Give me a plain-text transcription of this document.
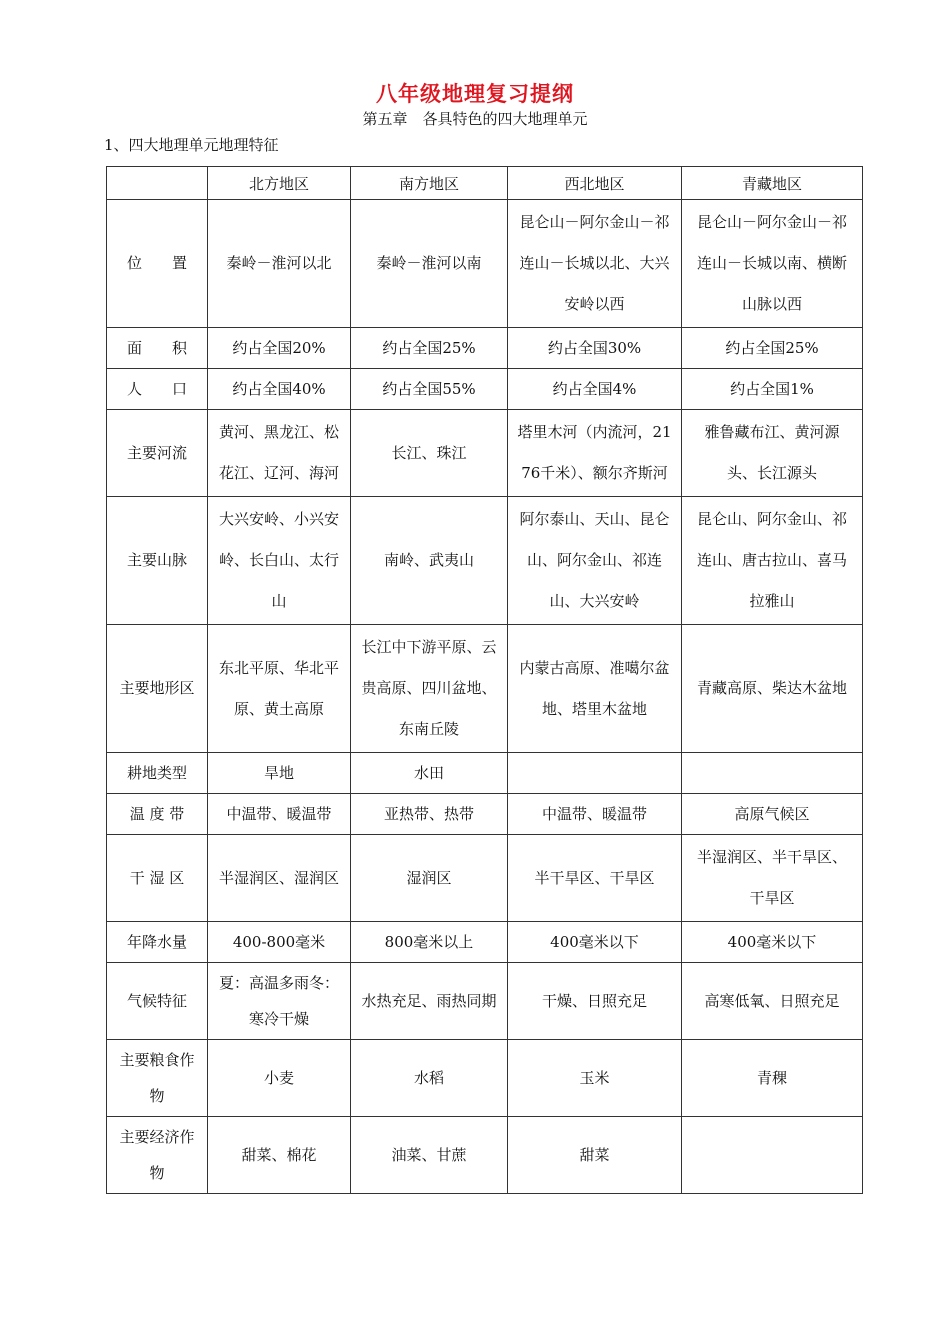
八年级地理复习提纲
第五章　各具特色的四大地理单元
1、四大地理单元地理特征
	北方地区	南方地区	西北地区	青藏地区
位　　置	秦岭－淮河以北	秦岭－淮河以南	昆仑山－阿尔金山－祁连山－长城以北、大兴安岭以西	昆仑山－阿尔金山－祁连山－长城以南、横断山脉以西
面　　积	约占全国20%	约占全国25%	约占全国30%	约占全国25%
人　　口	约占全国40%	约占全国55%	约占全国4%	约占全国1%
主要河流	黄河、黑龙江、松花江、辽河、海河	长江、珠江	塔里木河（内流河，2176千米）、额尔齐斯河	雅鲁藏布江、黄河源头、长江源头
主要山脉	大兴安岭、小兴安岭、长白山、太行山	南岭、武夷山	阿尔泰山、天山、昆仑山、阿尔金山、祁连山、大兴安岭	昆仑山、阿尔金山、祁连山、唐古拉山、喜马拉雅山
主要地形区	东北平原、华北平原、黄土高原	长江中下游平原、云贵高原、四川盆地、东南丘陵	内蒙古高原、准噶尔盆地、塔里木盆地	青藏高原、柴达木盆地
耕地类型	旱地	水田		
温 度 带	中温带、暖温带	亚热带、热带	中温带、暖温带	高原气候区
干 湿 区	半湿润区、湿润区	湿润区	半干旱区、干旱区	半湿润区、半干旱区、干旱区
年降水量	400-800毫米	800毫米以上	400毫米以下	400毫米以下
气候特征	夏：高温多雨冬：寒冷干燥	水热充足、雨热同期	干燥、日照充足	高寒低氧、日照充足
主要粮食作　　物	小麦	水稻	玉米	青稞
主要经济作　　物	甜菜、棉花	油菜、甘蔗	甜菜	
